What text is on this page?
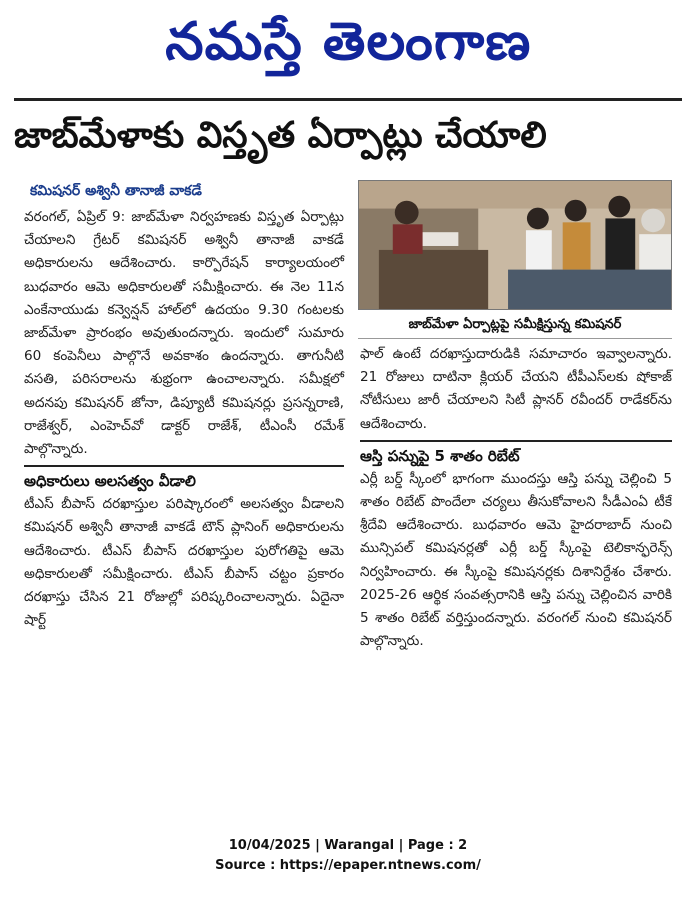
నమస్తే తెలంగాణ
జాబ్‌మేళాకు విస్తృత ఏర్పాట్లు చేయాలి
కమిషనర్ అశ్వినీ తానాజీ వాకడే

వరంగల్, ఏప్రిల్ 9: జాబ్‌మేళా నిర్వహణకు విస్తృత ఏర్పాట్లు చేయాలని గ్రేటర్ కమిషనర్ అశ్వినీ తానాజీ వాకడే అధికారులను ఆదేశించారు. కార్పొరేషన్ కార్యాలయంలో బుధవారం ఆమె అధికారులతో సమీక్షించారు. ఈ నెల 11న ఎంకేనాయుడు కన్వెన్షన్ హాల్‌లో ఉదయం 9.30 గంటలకు జాబ్‌మేళా ప్రారంభం అవుతుందన్నారు. ఇందులో సుమారు 60 కంపెనీలు పాల్గొనే అవకాశం ఉందన్నారు. తాగునీటి వసతి, పరిసరాలను శుభ్రంగా ఉంచాలన్నారు. సమీక్షలో అదనపు కమిషనర్ జోనా, డిప్యూటీ కమిషనర్లు ప్రసన్నరాణి, రాజేశ్వర్, ఎంహెచ్‌వో డాక్టర్ రాజేశ్, టీఎంసీ రమేశ్ పాల్గొన్నారు.

అధికారులు అలసత్వం వీడాలి

టీఎస్ బీపాస్ దరఖాస్తుల పరిష్కారంలో అలసత్వం వీడాలని కమిషనర్ అశ్వినీ తానాజీ వాకడే టౌన్ ప్లానింగ్ అధికారులను ఆదేశించారు. టీఎస్ బీపాస్ దరఖాస్తుల పురోగతిపై ఆమె అధికారులతో సమీక్షించారు. టీఎస్ బీపాస్ చట్టం ప్రకారం దరఖాస్తు చేసిన 21 రోజుల్లో పరిష్కరించాలన్నారు. ఏదైనా షార్ట్

జాబ్‌మేళా ఏర్పాట్లపై సమీక్షిస్తున్న కమిషనర్

ఫాల్ ఉంటే దరఖాస్తుదారుడికి సమాచారం ఇవ్వాలన్నారు. 21 రోజులు దాటినా క్లియర్ చేయని టీపీఎస్‌లకు షోకాజ్ నోటీసులు జారీ చేయాలని సిటీ ప్లానర్ రవీందర్ రాడేకర్‌ను ఆదేశించారు.

ఆస్తి పన్నుపై 5 శాతం రిబేట్

ఎర్లీ బర్డ్ స్కీంలో భాగంగా ముందస్తు ఆస్తి పన్ను చెల్లించి 5 శాతం రిబేట్ పొందేలా చర్యలు తీసుకోవాలని సీడీఎంఏ టీకే శ్రీదేవి ఆదేశించారు. బుధవారం ఆమె హైదరాబాద్ నుంచి మున్సిపల్ కమిషనర్లతో ఎర్లీ బర్డ్ స్కీంపై టెలికాన్ఫరెన్స్ నిర్వహించారు. ఈ స్కీంపై కమిషనర్లకు దిశానిర్దేశం చేశారు. 2025-26 ఆర్థిక సంవత్సరానికి ఆస్తి పన్ను చెల్లించిన వారికి 5 శాతం రిబేట్ వర్తిస్తుందన్నారు. వరంగల్ నుంచి కమిషనర్ పాల్గొన్నారు.

10/04/2025 | Warangal | Page : 2
Source : https://epaper.ntnews.com/
